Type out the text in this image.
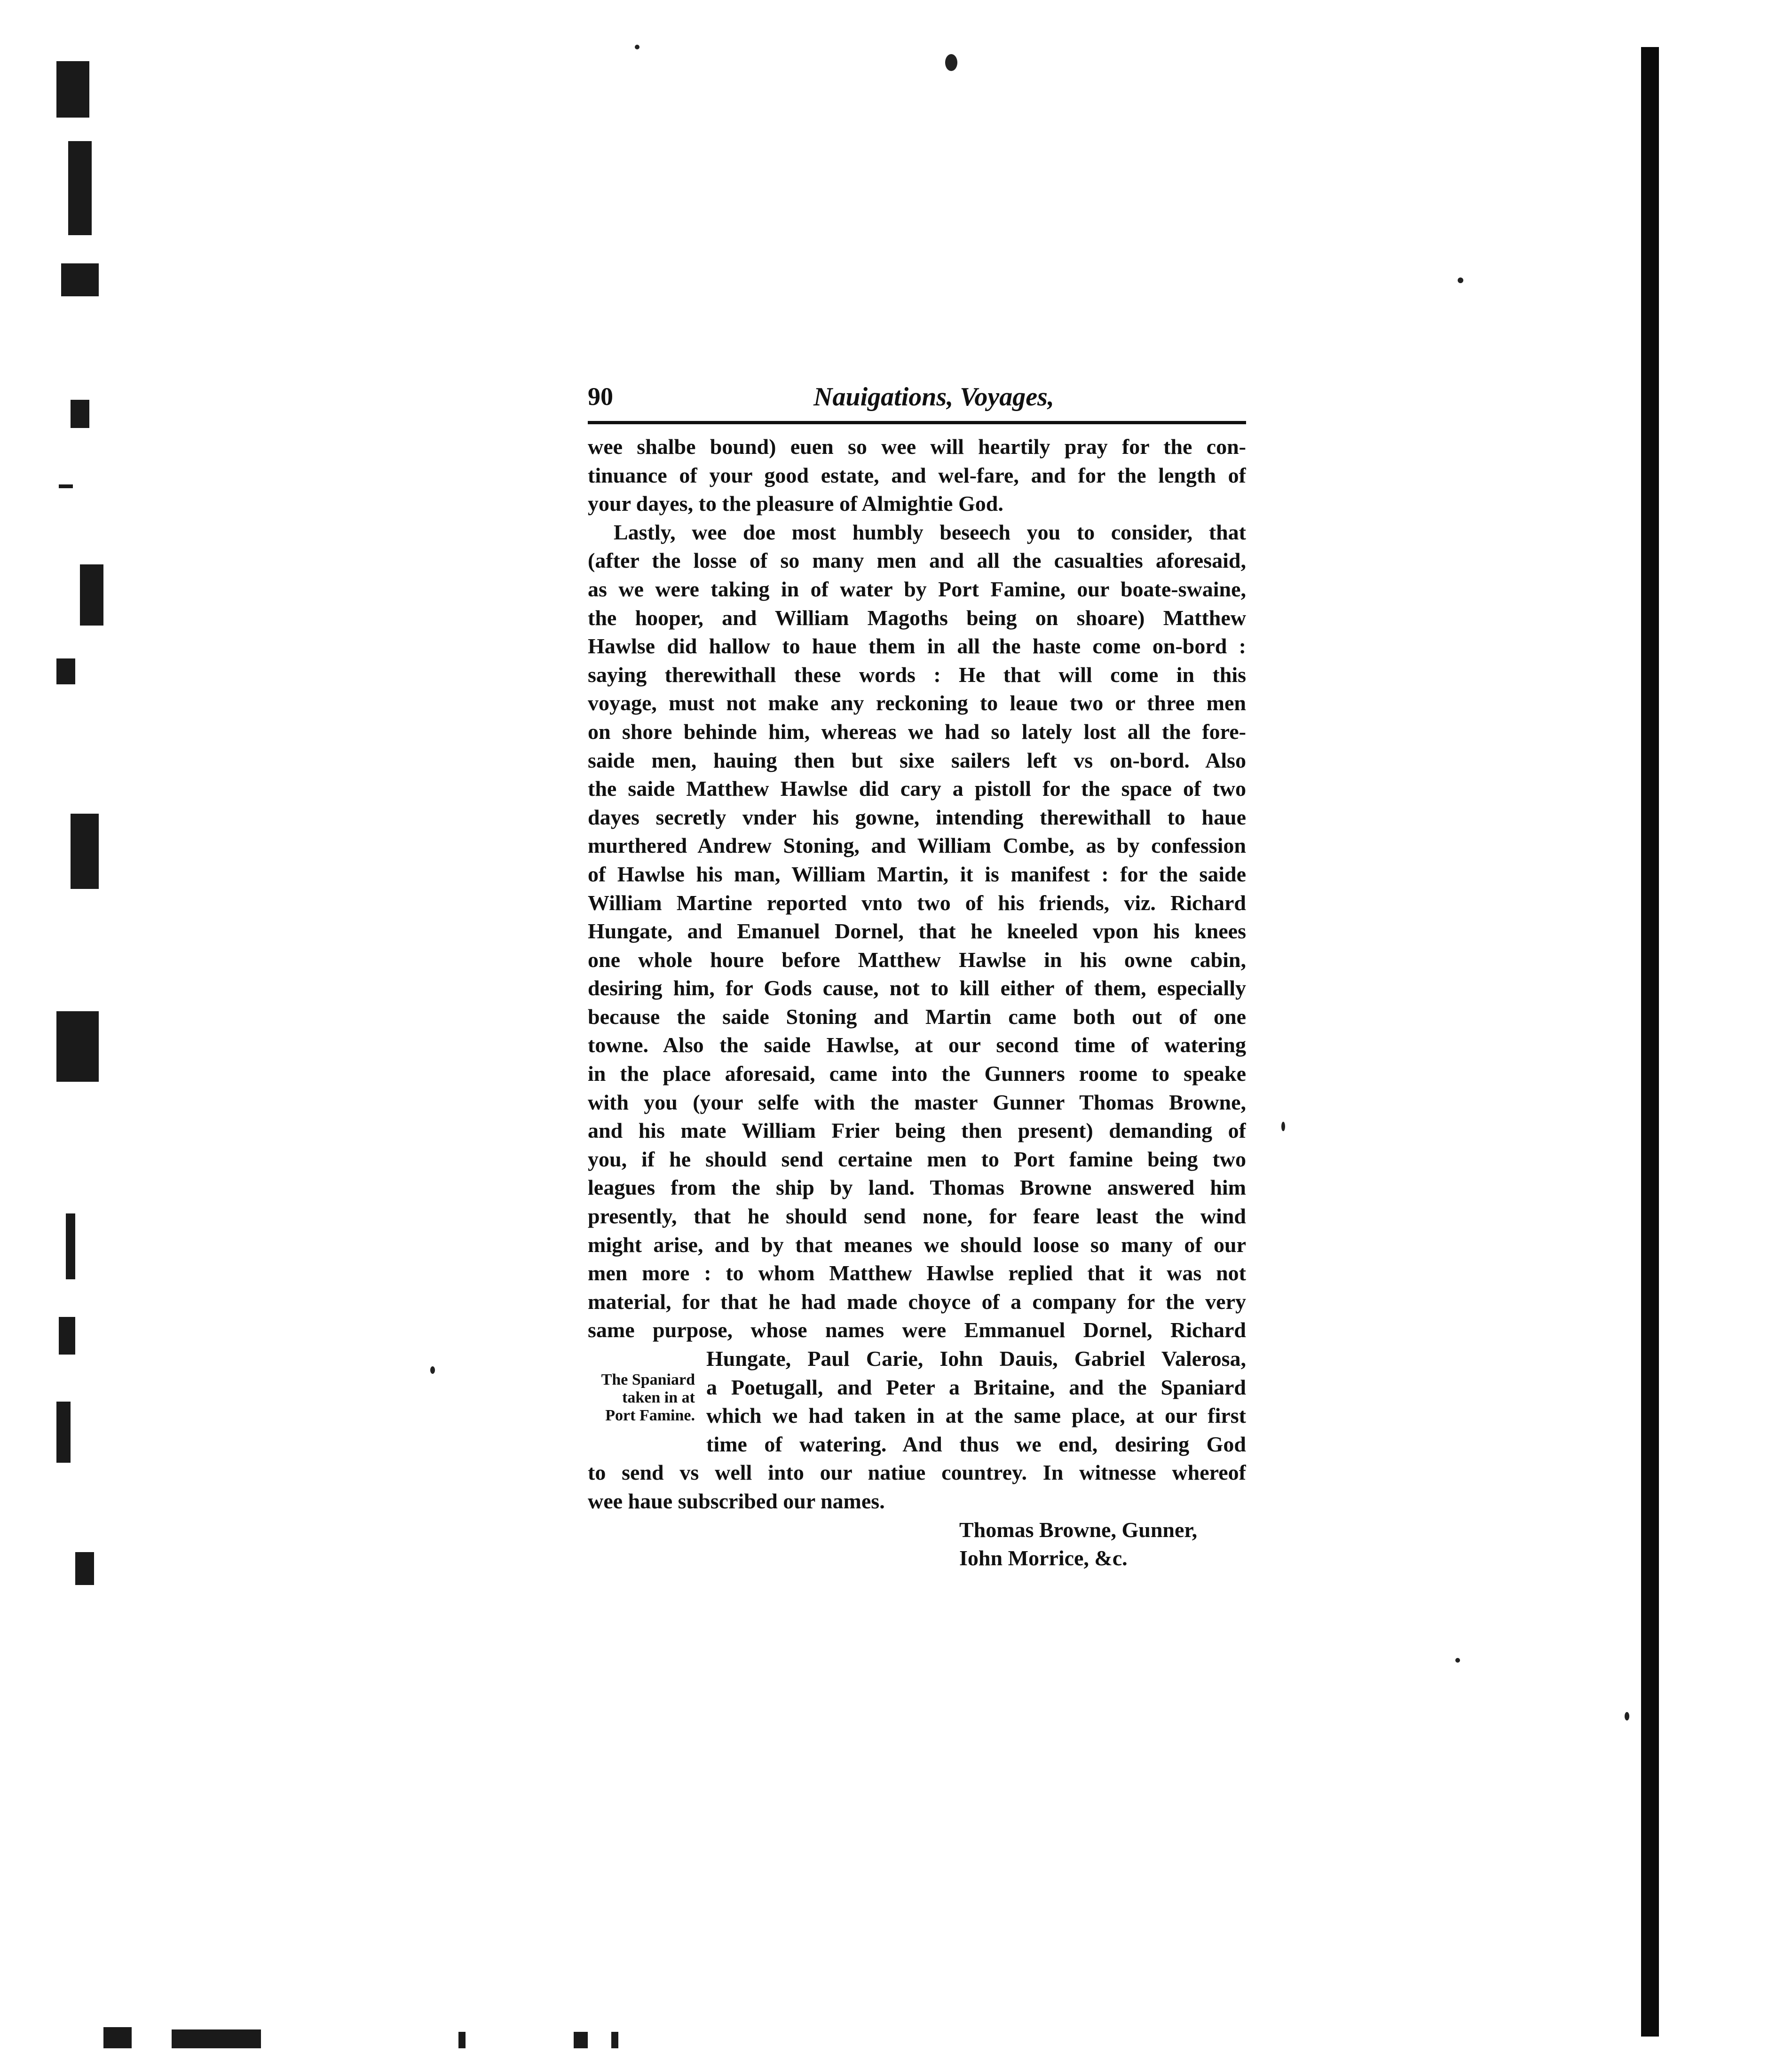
90	Nauigations, Voyages,
wee shalbe bound) euen so wee will heartily pray for the con-
tinuance of your good estate, and wel-fare, and for the length of
your dayes, to the pleasure of Almightie God.
Lastly, wee doe most humbly beseech you to consider, that
(after the losse of so many men and all the casualties aforesaid,
as we were taking in of water by Port Famine, our boate-swaine,
the hooper, and William Magoths being on shoare) Matthew
Hawlse did hallow to haue them in all the haste come on-bord :
saying therewithall these words : He that will come in this
voyage, must not make any reckoning to leaue two or three men
on shore behinde him, whereas we had so lately lost all the fore-
saide men, hauing then but sixe sailers left vs on-bord. Also
the saide Matthew Hawlse did cary a pistoll for the space of two
dayes secretly vnder his gowne, intending therewithall to haue
murthered Andrew Stoning, and William Combe, as by confession
of Hawlse his man, William Martin, it is manifest : for the saide
William Martine reported vnto two of his friends, viz. Richard
Hungate, and Emanuel Dornel, that he kneeled vpon his knees
one whole houre before Matthew Hawlse in his owne cabin,
desiring him, for Gods cause, not to kill either of them, especially
because the saide Stoning and Martin came both out of one
towne. Also the saide Hawlse, at our second time of watering
in the place aforesaid, came into the Gunners roome to speake
with you (your selfe with the master Gunner Thomas Browne,
and his mate William Frier being then present) demanding of
you, if he should send certaine men to Port famine being two
leagues from the ship by land. Thomas Browne answered him
presently, that he should send none, for feare least the wind
might arise, and by that meanes we should loose so many of our
men more : to whom Matthew Hawlse replied that it was not
material, for that he had made choyce of a company for the very
same purpose, whose names were Emmanuel Dornel, Richard
Hungate, Paul Carie, Iohn Dauis, Gabriel Valerosa,
a Poetugall, and Peter a Britaine, and the Spaniard
which we had taken in at the same place, at our first
time of watering. And thus we end, desiring God
to send vs well into our natiue countrey. In witnesse whereof
wee haue subscribed our names.
Thomas Browne, Gunner,
Iohn Morrice, &c.
The Spaniard
taken in at
Port Famine.
